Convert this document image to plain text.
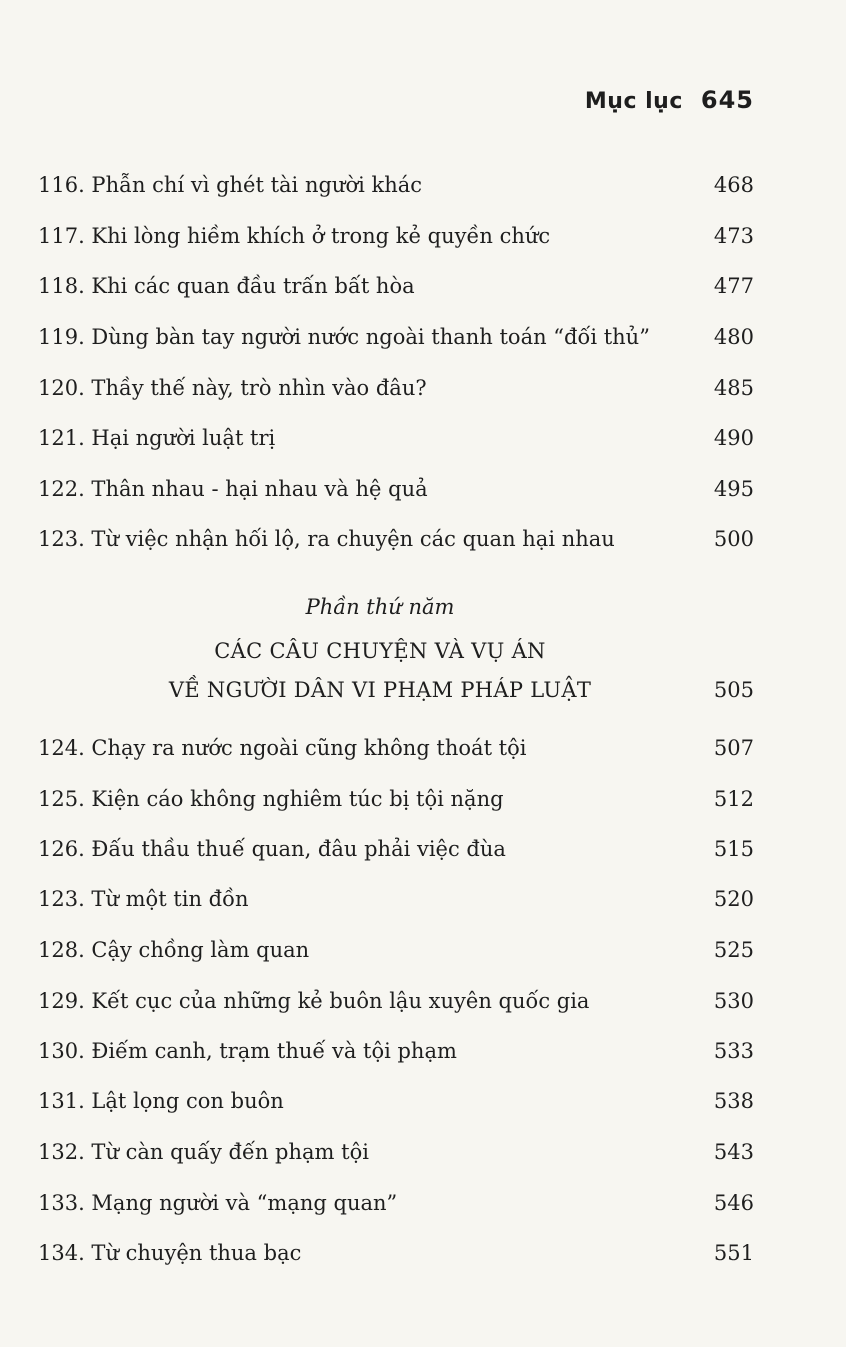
Mục lục 645
116. Phẫn chí vì ghét tài người khác	468
117. Khi lòng hiềm khích ở trong kẻ quyền chức	473
118. Khi các quan đầu trấn bất hòa	477
119. Dùng bàn tay người nước ngoài thanh toán “đối thủ”	480
120. Thầy thế này, trò nhìn vào đâu?	485
121. Hại người luật trị	490
122. Thân nhau - hại nhau và hệ quả	495
123. Từ việc nhận hối lộ, ra chuyện các quan hại nhau	500
Phần thứ năm
CÁC CÂU CHUYỆN VÀ VỤ ÁN
VỀ NGƯỜI DÂN VI PHẠM PHÁP LUẬT	505
124. Chạy ra nước ngoài cũng không thoát tội	507
125. Kiện cáo không nghiêm túc bị tội nặng	512
126. Đấu thầu thuế quan, đâu phải việc đùa	515
123. Từ một tin đồn	520
128. Cậy chồng làm quan	525
129. Kết cục của những kẻ buôn lậu xuyên quốc gia	530
130. Điếm canh, trạm thuế và tội phạm	533
131. Lật lọng con buôn	538
132. Từ càn quấy đến phạm tội	543
133. Mạng người và “mạng quan”	546
134. Từ chuyện thua bạc	551
